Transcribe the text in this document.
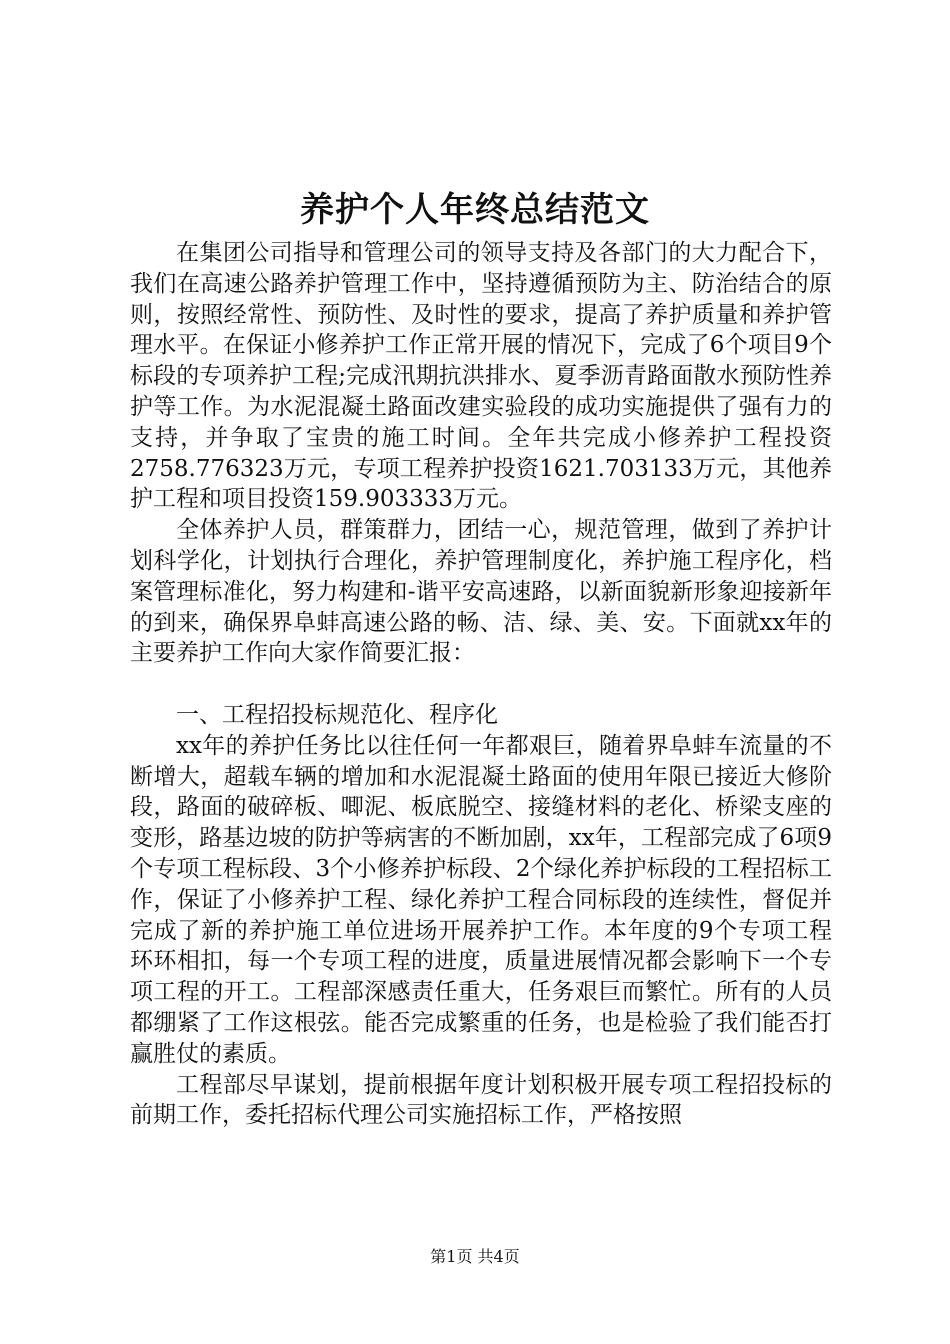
养护个人年终总结范文

在集团公司指导和管理公司的领导支持及各部门的大力配合下，我们在高速公路养护管理工作中，坚持遵循预防为主、防治结合的原则，按照经常性、预防性、及时性的要求，提高了养护质量和养护管理水平。在保证小修养护工作正常开展的情况下，完成了6个项目9个标段的专项养护工程;完成汛期抗洪排水、夏季沥青路面散水预防性养护等工作。为水泥混凝土路面改建实验段的成功实施提供了强有力的支持，并争取了宝贵的施工时间。全年共完成小修养护工程投资2758.776323万元，专项工程养护投资1621.703133万元，其他养护工程和项目投资159.903333万元。

全体养护人员，群策群力，团结一心，规范管理，做到了养护计划科学化，计划执行合理化，养护管理制度化，养护施工程序化，档案管理标准化，努力构建和-谐平安高速路，以新面貌新形象迎接新年的到来，确保界阜蚌高速公路的畅、洁、绿、美、安。下面就xx年的主要养护工作向大家作简要汇报：

一、工程招投标规范化、程序化

xx年的养护任务比以往任何一年都艰巨，随着界阜蚌车流量的不断增大，超载车辆的增加和水泥混凝土路面的使用年限已接近大修阶段，路面的破碎板、唧泥、板底脱空、接缝材料的老化、桥梁支座的变形，路基边坡的防护等病害的不断加剧，xx年，工程部完成了6项9个专项工程标段、3个小修养护标段、2个绿化养护标段的工程招标工作，保证了小修养护工程、绿化养护工程合同标段的连续性，督促并完成了新的养护施工单位进场开展养护工作。本年度的9个专项工程环环相扣，每一个专项工程的进度，质量进展情况都会影响下一个专项工程的开工。工程部深感责任重大，任务艰巨而繁忙。所有的人员都绷紧了工作这根弦。能否完成繁重的任务，也是检验了我们能否打赢胜仗的素质。

工程部尽早谋划，提前根据年度计划积极开展专项工程招投标的前期工作，委托招标代理公司实施招标工作，严格按照

第1页 共4页
